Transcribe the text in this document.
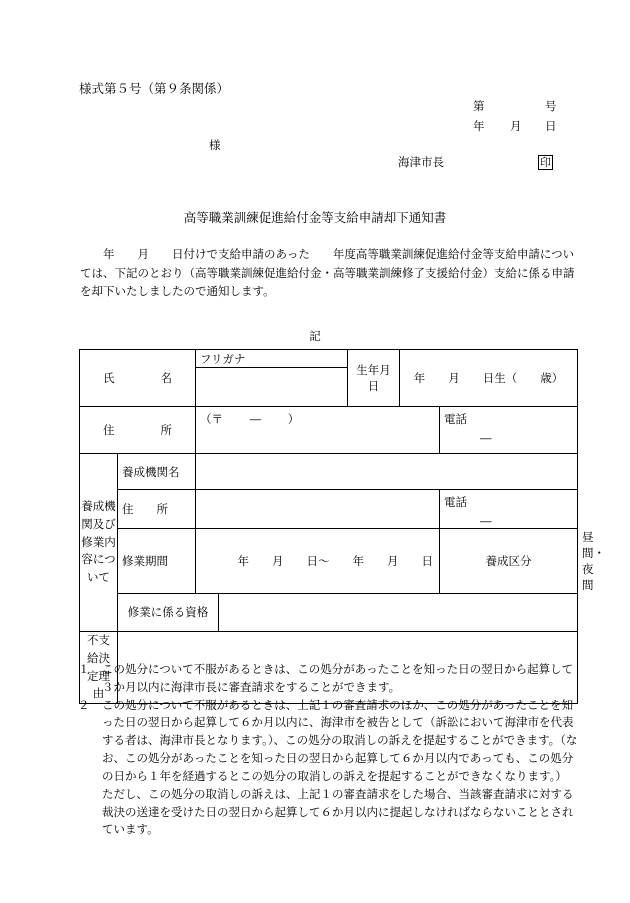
様式第５号（第９条関係）
第	号
年 月 日
様
海津市長	印
高等職業訓練促進給付金等支給申請却下通知書
　　年　　月　　日付けで支給申請のあった　　年度高等職業訓練促進給付金等支給申請については、下記のとおり（高等職業訓練促進給付金・高等職業訓練修了支援給付金）支給に係る申請を却下いたしましたので通知します。
記
氏　　　　名		フリガナ		生年月日	年　　月　　日生（　　歳）		

住　　　　所		（〒　　 ―　　 ）				電話
―	

養成機関及び修業内容について	養成機関名						
	住　　所					電話
―	

	修業期間	年　　月　　日～　　年　　月　　日				養成区分	昼間・夜間
	修業に係る資格						
不支給決定理由							
１	この処分について不服があるときは、この処分があったことを知った日の翌日から起算して３か月以内に海津市長に審査請求をすることができます。
２	この処分について不服があるときは、上記１の審査請求のほか、この処分があったことを知った日の翌日から起算して６か月以内に、海津市を被告として（訴訟において海津市を代表する者は、海津市長となります。）、この処分の取消しの訴えを提起することができます。（なお、この処分があったことを知った日の翌日から起算して６か月以内であっても、この処分の日から１年を経過するとこの処分の取消しの訴えを提起することができなくなります。）ただし、この処分の取消しの訴えは、上記１の審査請求をした場合、当該審査請求に対する裁決の送達を受けた日の翌日から起算して６か月以内に提起しなければならないこととされています。
